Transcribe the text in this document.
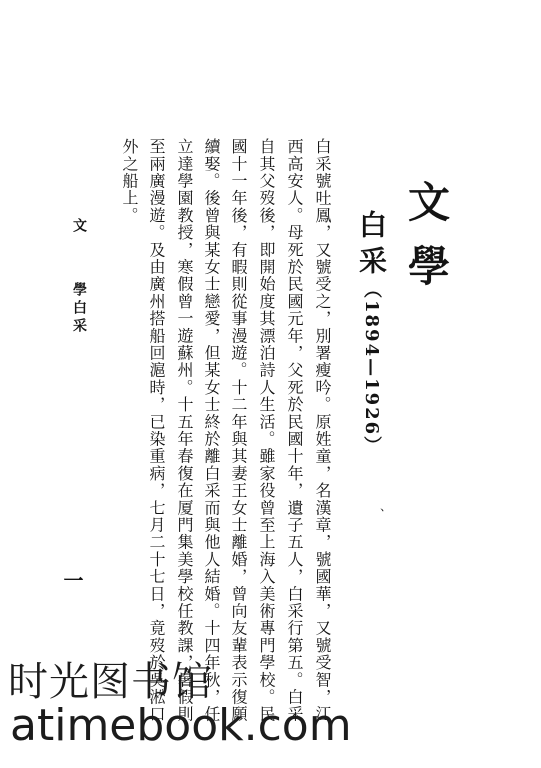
文學
白采
（1894—1926）
、
白采號吐鳳，又號受之，別署瘦吟。原姓童，名漢章，號國華，又號受智，江
西高安人。母死於民國元年，父死於民國十年，遺子五人，白采行第五。白采
自其父歿後，即開始度其漂泊詩人生活。雖家役曾至上海入美術專門學校。民
國十一年後，有暇則從事漫遊。十二年與其妻王女士離婚，曾向友輩表示復願
續娶。後曾與某女士戀愛，但某女士終於離白采而與他人結婚。十四年秋，任
立達學園教授，寒假曾一遊蘇州。十五年春復在厦門集美學校任教課，暑假則
至兩廣漫遊。及由廣州搭船回滬時，已染重病，七月二十七日，竟歿於吳淞口
外之船上。
文
學白采
一
时光图书馆
atimebook.com
